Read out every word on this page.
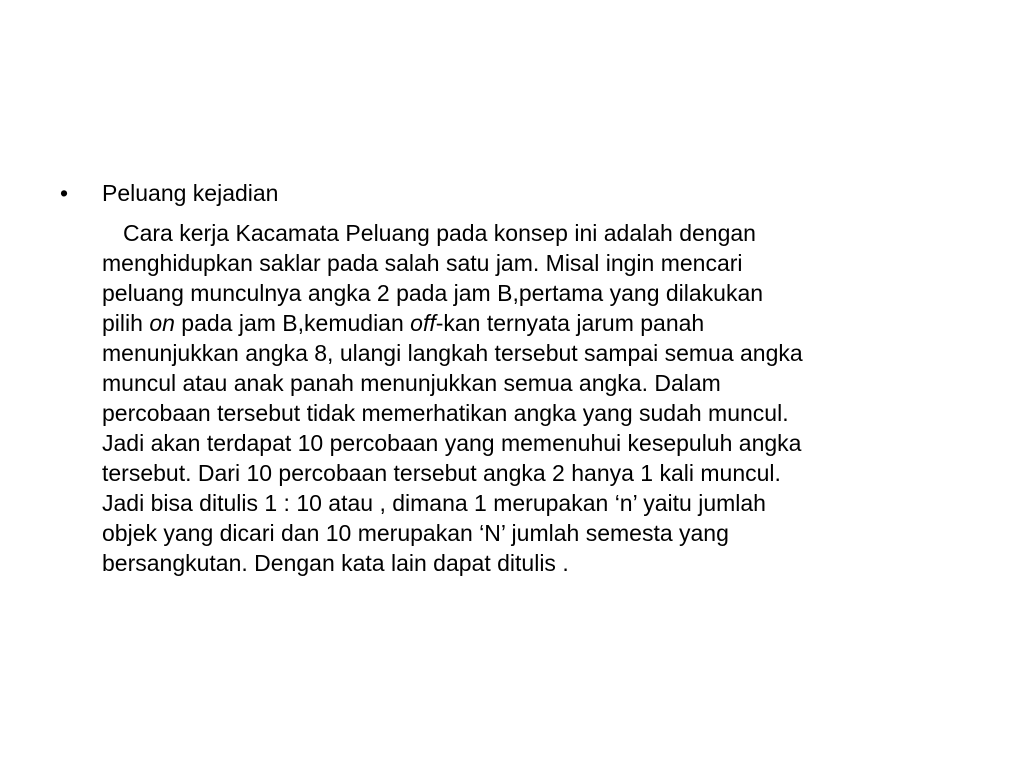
•	Peluang kejadian
Cara kerja Kacamata Peluang pada konsep ini adalah dengan
menghidupkan saklar pada salah satu jam. Misal ingin mencari
peluang munculnya angka 2 pada jam B,pertama yang dilakukan
pilih on pada jam B,kemudian off-kan ternyata jarum panah
menunjukkan angka 8, ulangi langkah tersebut sampai semua angka
muncul atau anak panah menunjukkan semua angka. Dalam
percobaan tersebut tidak memerhatikan angka yang sudah muncul.
Jadi akan terdapat 10 percobaan yang memenuhui kesepuluh angka
tersebut. Dari 10 percobaan tersebut angka 2 hanya 1 kali muncul.
Jadi bisa ditulis 1 : 10 atau , dimana 1 merupakan ‘n’ yaitu jumlah
objek yang dicari dan 10 merupakan ‘N’ jumlah semesta yang
bersangkutan. Dengan kata lain dapat ditulis .
